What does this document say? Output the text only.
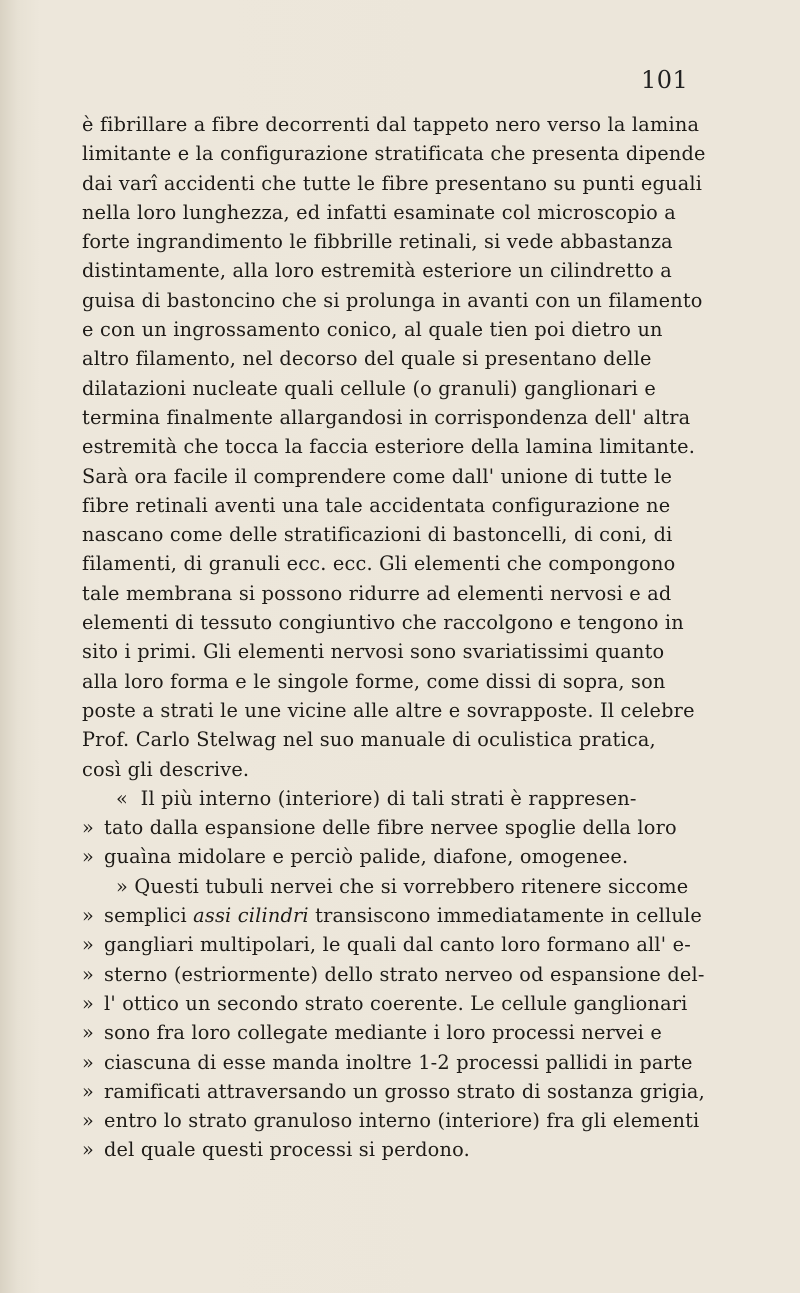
101
è fibrillare a fibre decorrenti dal tappeto nero verso la lamina
limitante e la configurazione stratificata che presenta dipende
dai varî accidenti che tutte le fibre presentano su punti eguali
nella loro lunghezza, ed infatti esaminate col microscopio a
forte ingrandimento le fibbrille retinali, si vede abbastanza
distintamente, alla loro estremità esteriore un cilindretto a
guisa di bastoncino che si prolunga in avanti con un filamento
e con un ingrossamento conico, al quale tien poi dietro un
altro filamento, nel decorso del quale si presentano delle
dilatazioni nucleate quali cellule (o granuli) ganglionari e
termina finalmente allargandosi in corrispondenza dell' altra
estremità che tocca la faccia esteriore della lamina limitante.
Sarà ora facile il comprendere come dall' unione di tutte le
fibre retinali aventi una tale accidentata configurazione ne
nascano come delle stratificazioni di bastoncelli, di coni, di
filamenti, di granuli ecc. ecc. Gli elementi che compongono
tale membrana si possono ridurre ad elementi nervosi e ad
elementi di tessuto congiuntivo che raccolgono e tengono in
sito i primi. Gli elementi nervosi sono svariatissimi quanto
alla loro forma e le singole forme, come dissi di sopra, son
poste a strati le une vicine alle altre e sovrapposte. Il celebre
Prof. Carlo Stelwag nel suo manuale di oculistica pratica,
così gli descrive.
« Il più interno (interiore) di tali strati è rappresen-
» tato dalla espansione delle fibre nervee spoglie della loro
» guaìna midolare e perciò palide, diafone, omogenee.
» Questi tubuli nervei che si vorrebbero ritenere siccome
» semplici assi cilindri transiscono immediatamente in cellule
» gangliari multipolari, le quali dal canto loro formano all' e-
» sterno (estriormente) dello strato nerveo od espansione del-
» l' ottico un secondo strato coerente. Le cellule ganglionari
» sono fra loro collegate mediante i loro processi nervei e
» ciascuna di esse manda inoltre 1-2 processi pallidi in parte
» ramificati attraversando un grosso strato di sostanza grigia,
» entro lo strato granuloso interno (interiore) fra gli elementi
» del quale questi processi si perdono.
